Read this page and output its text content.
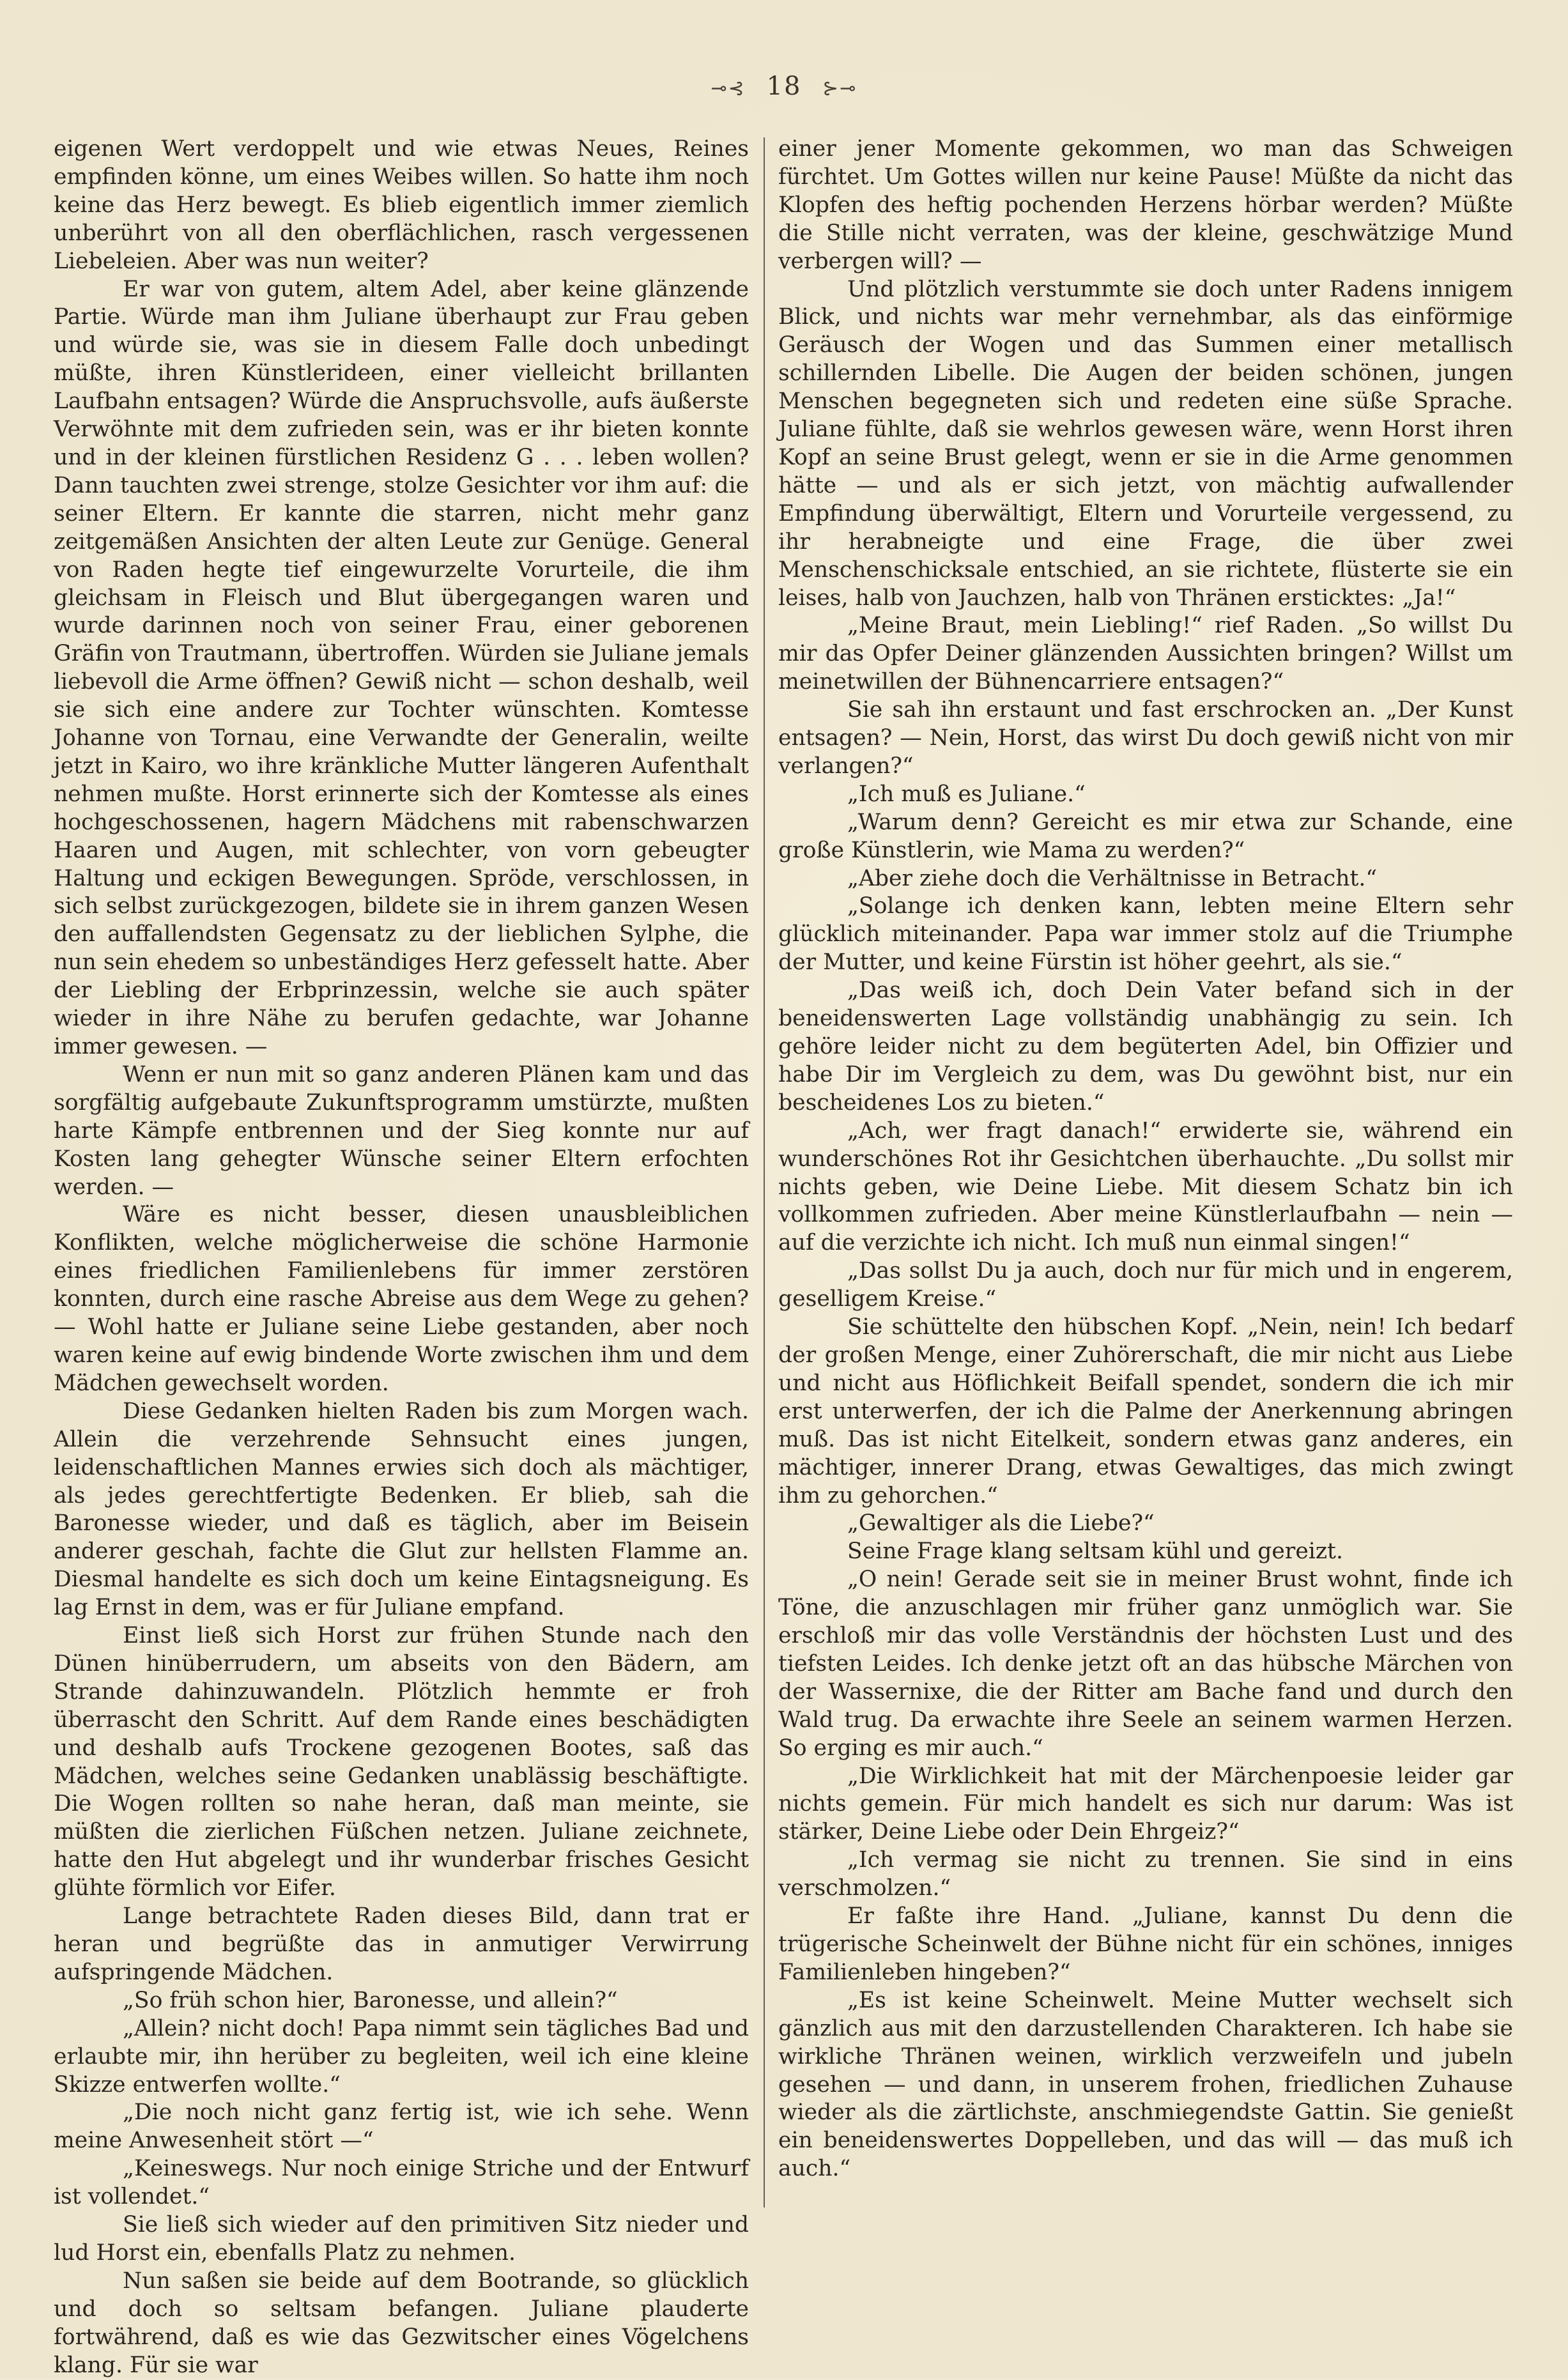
⊸⊰ 18 ⊱⊸

eigenen Wert verdoppelt und wie etwas Neues, Reines empfinden könne, um eines Weibes willen. So hatte ihm noch keine das Herz bewegt. Es blieb eigentlich immer ziemlich unberührt von all den oberflächlichen, rasch vergessenen Liebeleien. Aber was nun weiter?

Er war von gutem, altem Adel, aber keine glänzende Partie. Würde man ihm Juliane überhaupt zur Frau geben und würde sie, was sie in diesem Falle doch unbedingt müßte, ihren Künstlerideen, einer vielleicht brillanten Laufbahn entsagen? Würde die Anspruchsvolle, aufs äußerste Verwöhnte mit dem zufrieden sein, was er ihr bieten konnte und in der kleinen fürstlichen Residenz G . . . leben wollen? Dann tauchten zwei strenge, stolze Gesichter vor ihm auf: die seiner Eltern. Er kannte die starren, nicht mehr ganz zeitgemäßen Ansichten der alten Leute zur Genüge. General von Raden hegte tief eingewurzelte Vorurteile, die ihm gleichsam in Fleisch und Blut übergegangen waren und wurde darinnen noch von seiner Frau, einer geborenen Gräfin von Trautmann, übertroffen. Würden sie Juliane jemals liebevoll die Arme öffnen? Gewiß nicht — schon deshalb, weil sie sich eine andere zur Tochter wünschten. Komtesse Johanne von Tornau, eine Verwandte der Generalin, weilte jetzt in Kairo, wo ihre kränkliche Mutter längeren Aufenthalt nehmen mußte. Horst erinnerte sich der Komtesse als eines hochgeschossenen, hagern Mädchens mit rabenschwarzen Haaren und Augen, mit schlechter, von vorn gebeugter Haltung und eckigen Bewegungen. Spröde, verschlossen, in sich selbst zurückgezogen, bildete sie in ihrem ganzen Wesen den auffallendsten Gegensatz zu der lieblichen Sylphe, die nun sein ehedem so unbeständiges Herz gefesselt hatte. Aber der Liebling der Erbprinzessin, welche sie auch später wieder in ihre Nähe zu berufen gedachte, war Johanne immer gewesen. —

Wenn er nun mit so ganz anderen Plänen kam und das sorgfältig aufgebaute Zukunftsprogramm umstürzte, mußten harte Kämpfe entbrennen und der Sieg konnte nur auf Kosten lang gehegter Wünsche seiner Eltern erfochten werden. —

Wäre es nicht besser, diesen unausbleiblichen Konflikten, welche möglicherweise die schöne Harmonie eines friedlichen Familienlebens für immer zerstören konnten, durch eine rasche Abreise aus dem Wege zu gehen? — Wohl hatte er Juliane seine Liebe gestanden, aber noch waren keine auf ewig bindende Worte zwischen ihm und dem Mädchen gewechselt worden.

Diese Gedanken hielten Raden bis zum Morgen wach. Allein die verzehrende Sehnsucht eines jungen, leidenschaftlichen Mannes erwies sich doch als mächtiger, als jedes gerechtfertigte Bedenken. Er blieb, sah die Baronesse wieder, und daß es täglich, aber im Beisein anderer geschah, fachte die Glut zur hellsten Flamme an. Diesmal handelte es sich doch um keine Eintagsneigung. Es lag Ernst in dem, was er für Juliane empfand.

Einst ließ sich Horst zur frühen Stunde nach den Dünen hinüberrudern, um abseits von den Bädern, am Strande dahinzuwandeln. Plötzlich hemmte er froh überrascht den Schritt. Auf dem Rande eines beschädigten und deshalb aufs Trockene gezogenen Bootes, saß das Mädchen, welches seine Gedanken unablässig beschäftigte. Die Wogen rollten so nahe heran, daß man meinte, sie müßten die zierlichen Füßchen netzen. Juliane zeichnete, hatte den Hut abgelegt und ihr wunderbar frisches Gesicht glühte förmlich vor Eifer.

Lange betrachtete Raden dieses Bild, dann trat er heran und begrüßte das in anmutiger Verwirrung aufspringende Mädchen.

„So früh schon hier, Baronesse, und allein?“

„Allein? nicht doch! Papa nimmt sein tägliches Bad und erlaubte mir, ihn herüber zu begleiten, weil ich eine kleine Skizze entwerfen wollte.“

„Die noch nicht ganz fertig ist, wie ich sehe. Wenn meine Anwesenheit stört —“

„Keineswegs. Nur noch einige Striche und der Entwurf ist vollendet.“

Sie ließ sich wieder auf den primitiven Sitz nieder und lud Horst ein, ebenfalls Platz zu nehmen.

Nun saßen sie beide auf dem Bootrande, so glücklich und doch so seltsam befangen. Juliane plauderte fortwährend, daß es wie das Gezwitscher eines Vögelchens klang. Für sie war

einer jener Momente gekommen, wo man das Schweigen fürchtet. Um Gottes willen nur keine Pause! Müßte da nicht das Klopfen des heftig pochenden Herzens hörbar werden? Müßte die Stille nicht verraten, was der kleine, geschwätzige Mund verbergen will? —

Und plötzlich verstummte sie doch unter Radens innigem Blick, und nichts war mehr vernehmbar, als das einförmige Geräusch der Wogen und das Summen einer metallisch schillernden Libelle. Die Augen der beiden schönen, jungen Menschen begegneten sich und redeten eine süße Sprache. Juliane fühlte, daß sie wehrlos gewesen wäre, wenn Horst ihren Kopf an seine Brust gelegt, wenn er sie in die Arme genommen hätte — und als er sich jetzt, von mächtig aufwallender Empfindung überwältigt, Eltern und Vorurteile vergessend, zu ihr herabneigte und eine Frage, die über zwei Menschenschicksale entschied, an sie richtete, flüsterte sie ein leises, halb von Jauchzen, halb von Thränen ersticktes: „Ja!“

„Meine Braut, mein Liebling!“ rief Raden. „So willst Du mir das Opfer Deiner glänzenden Aussichten bringen? Willst um meinetwillen der Bühnencarriere entsagen?“

Sie sah ihn erstaunt und fast erschrocken an. „Der Kunst entsagen? — Nein, Horst, das wirst Du doch gewiß nicht von mir verlangen?“

„Ich muß es Juliane.“

„Warum denn? Gereicht es mir etwa zur Schande, eine große Künstlerin, wie Mama zu werden?“

„Aber ziehe doch die Verhältnisse in Betracht.“

„Solange ich denken kann, lebten meine Eltern sehr glücklich miteinander. Papa war immer stolz auf die Triumphe der Mutter, und keine Fürstin ist höher geehrt, als sie.“

„Das weiß ich, doch Dein Vater befand sich in der beneidenswerten Lage vollständig unabhängig zu sein. Ich gehöre leider nicht zu dem begüterten Adel, bin Offizier und habe Dir im Vergleich zu dem, was Du gewöhnt bist, nur ein bescheidenes Los zu bieten.“

„Ach, wer fragt danach!“ erwiderte sie, während ein wunderschönes Rot ihr Gesichtchen überhauchte. „Du sollst mir nichts geben, wie Deine Liebe. Mit diesem Schatz bin ich vollkommen zufrieden. Aber meine Künstlerlaufbahn — nein — auf die verzichte ich nicht. Ich muß nun einmal singen!“

„Das sollst Du ja auch, doch nur für mich und in engerem, geselligem Kreise.“

Sie schüttelte den hübschen Kopf. „Nein, nein! Ich bedarf der großen Menge, einer Zuhörerschaft, die mir nicht aus Liebe und nicht aus Höflichkeit Beifall spendet, sondern die ich mir erst unterwerfen, der ich die Palme der Anerkennung abringen muß. Das ist nicht Eitelkeit, sondern etwas ganz anderes, ein mächtiger, innerer Drang, etwas Gewaltiges, das mich zwingt ihm zu gehorchen.“

„Gewaltiger als die Liebe?“

Seine Frage klang seltsam kühl und gereizt.

„O nein! Gerade seit sie in meiner Brust wohnt, finde ich Töne, die anzuschlagen mir früher ganz unmöglich war. Sie erschloß mir das volle Verständnis der höchsten Lust und des tiefsten Leides. Ich denke jetzt oft an das hübsche Märchen von der Wassernixe, die der Ritter am Bache fand und durch den Wald trug. Da erwachte ihre Seele an seinem warmen Herzen. So erging es mir auch.“

„Die Wirklichkeit hat mit der Märchenpoesie leider gar nichts gemein. Für mich handelt es sich nur darum: Was ist stärker, Deine Liebe oder Dein Ehrgeiz?“

„Ich vermag sie nicht zu trennen. Sie sind in eins verschmolzen.“

Er faßte ihre Hand. „Juliane, kannst Du denn die trügerische Scheinwelt der Bühne nicht für ein schönes, inniges Familienleben hingeben?“

„Es ist keine Scheinwelt. Meine Mutter wechselt sich gänzlich aus mit den darzustellenden Charakteren. Ich habe sie wirkliche Thränen weinen, wirklich verzweifeln und jubeln gesehen — und dann, in unserem frohen, friedlichen Zuhause wieder als die zärtlichste, anschmiegendste Gattin. Sie genießt ein beneidenswertes Doppelleben, und das will — das muß ich auch.“
